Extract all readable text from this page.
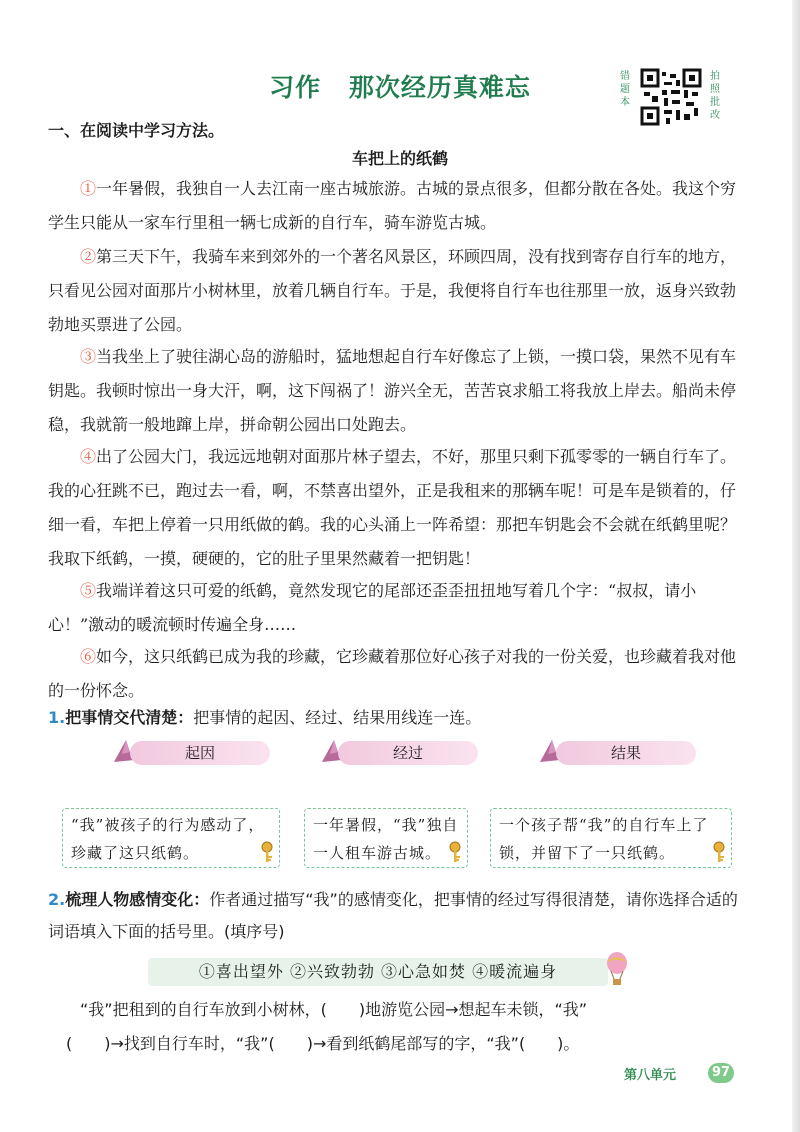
习作 那次经历真难忘	错题本
拍照批改
一、在阅读中学习方法。
车把上的纸鹤
①一年暑假，我独自一人去江南一座古城旅游。古城的景点很多，但都分散在各处。我这个穷学生只能从一家车行里租一辆七成新的自行车，骑车游览古城。
②第三天下午，我骑车来到郊外的一个著名风景区，环顾四周，没有找到寄存自行车的地方，只看见公园对面那片小树林里，放着几辆自行车。于是，我便将自行车也往那里一放，返身兴致勃勃地买票进了公园。
③当我坐上了驶往湖心岛的游船时，猛地想起自行车好像忘了上锁，一摸口袋，果然不见有车钥匙。我顿时惊出一身大汗，啊，这下闯祸了！游兴全无，苦苦哀求船工将我放上岸去。船尚未停稳，我就箭一般地蹿上岸，拼命朝公园出口处跑去。
④出了公园大门，我远远地朝对面那片林子望去，不好，那里只剩下孤零零的一辆自行车了。我的心狂跳不已，跑过去一看，啊，不禁喜出望外，正是我租来的那辆车呢！可是车是锁着的，仔细一看，车把上停着一只用纸做的鹤。我的心头涌上一阵希望：那把车钥匙会不会就在纸鹤里呢？我取下纸鹤，一摸，硬硬的，它的肚子里果然藏着一把钥匙！
⑤我端详着这只可爱的纸鹤，竟然发现它的尾部还歪歪扭扭地写着几个字：“叔叔，请小心！”激动的暖流顿时传遍全身……
⑥如今，这只纸鹤已成为我的珍藏，它珍藏着那位好心孩子对我的一份关爱，也珍藏着我对他的一份怀念。
1.把事情交代清楚：把事情的起因、经过、结果用线连一连。
起因	经过	结果
“我”被孩子的行为感动了，珍藏了这只纸鹤。
一年暑假，“我”独自一人租车游古城。
一个孩子帮“我”的自行车上了锁，并留下了一只纸鹤。
2.梳理人物感情变化：作者通过描写“我”的感情变化，把事情的经过写得很清楚，请你选择合适的词语填入下面的括号里。(填序号)
①喜出望外 ②兴致勃勃 ③心急如焚 ④暖流遍身
“我”把租到的自行车放到小树林，(　　)地游览公园→想起车未锁，“我”
(　　)→找到自行车时，“我”(　　)→看到纸鹤尾部写的字，“我”(　　)。
第八单元	97
